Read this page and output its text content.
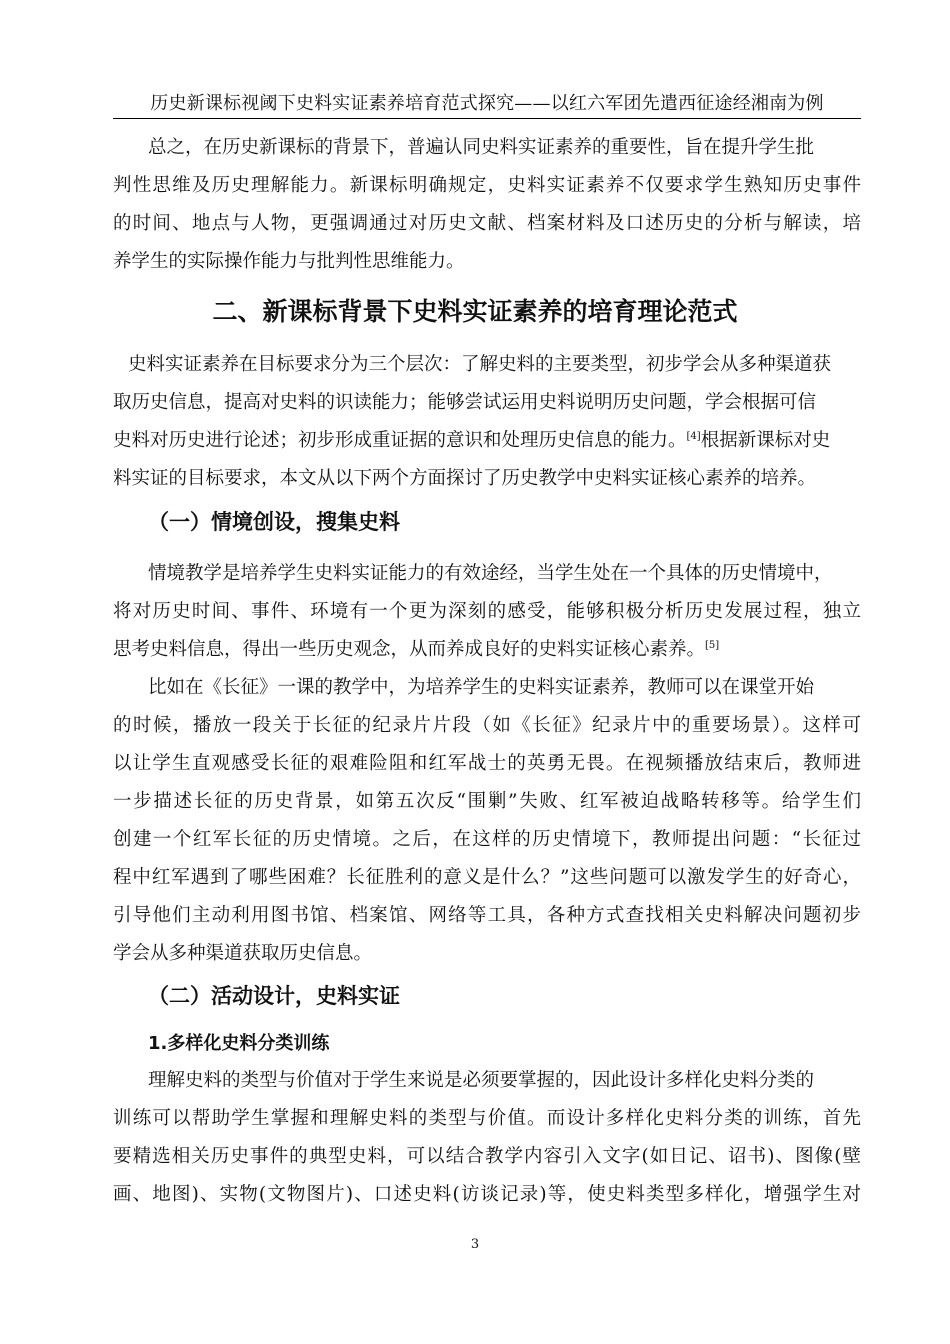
历史新课标视阈下史料实证素养培育范式探究——以红六军团先遣西征途经湘南为例
总之，在历史新课标的背景下，普遍认同史料实证素养的重要性，旨在提升学生批
判性思维及历史理解能力。新课标明确规定，史料实证素养不仅要求学生熟知历史事件
的时间、地点与人物，更强调通过对历史文献、档案材料及口述历史的分析与解读，培
养学生的实际操作能力与批判性思维能力。
二、新课标背景下史料实证素养的培育理论范式
史料实证素养在目标要求分为三个层次：了解史料的主要类型，初步学会从多种渠道获
取历史信息，提高对史料的识读能力；能够尝试运用史料说明历史问题，学会根据可信
史料对历史进行论述；初步形成重证据的意识和处理历史信息的能力。[4]根据新课标对史
料实证的目标要求，本文从以下两个方面探讨了历史教学中史料实证核心素养的培养。
（一）情境创设，搜集史料
情境教学是培养学生史料实证能力的有效途经，当学生处在一个具体的历史情境中，
将对历史时间、事件、环境有一个更为深刻的感受，能够积极分析历史发展过程，独立
思考史料信息，得出一些历史观念，从而养成良好的史料实证核心素养。[5]
比如在《长征》一课的教学中，为培养学生的史料实证素养，教师可以在课堂开始
的时候，播放一段关于长征的纪录片片段（如《长征》纪录片中的重要场景）。这样可
以让学生直观感受长征的艰难险阻和红军战士的英勇无畏。在视频播放结束后，教师进
一步描述长征的历史背景，如第五次反“围剿”失败、红军被迫战略转移等。给学生们
创建一个红军长征的历史情境。之后，在这样的历史情境下，教师提出问题：“长征过
程中红军遇到了哪些困难？长征胜利的意义是什么？”这些问题可以激发学生的好奇心，
引导他们主动利用图书馆、档案馆、网络等工具，各种方式查找相关史料解决问题初步
学会从多种渠道获取历史信息。
（二）活动设计，史料实证
1.多样化史料分类训练
理解史料的类型与价值对于学生来说是必须要掌握的，因此设计多样化史料分类的
训练可以帮助学生掌握和理解史料的类型与价值。而设计多样化史料分类的训练，首先
要精选相关历史事件的典型史料，可以结合教学内容引入文字(如日记、诏书)、图像(壁
画、地图)、实物(文物图片)、口述史料(访谈记录)等，使史料类型多样化，增强学生对
3
